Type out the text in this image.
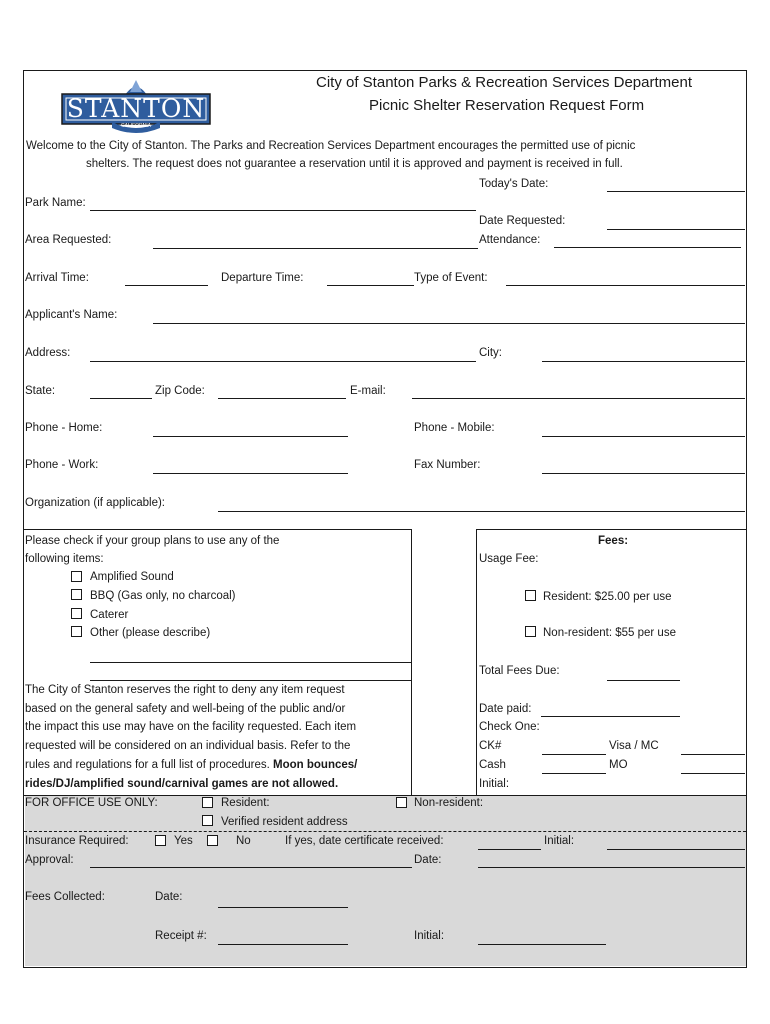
STANTON
CALIFORNIA
City of Stanton Parks & Recreation Services Department
Picnic Shelter Reservation Request Form
Welcome to the City of Stanton. The Parks and Recreation Services Department encourages the permitted use of picnic
shelters. The request does not guarantee a reservation until it is approved and payment is received in full.
Today's Date:
Park Name:
Date Requested:
Area Requested:	Attendance:
Arrival Time:	Departure Time:	Type of Event:
Applicant's Name:
Address:	City:
State:	Zip Code:	E-mail:
Phone - Home:	Phone - Mobile:
Phone - Work:	Fax Number:
Organization (if applicable):
Please check if your group plans to use any of the
following items:
Amplified Sound
BBQ (Gas only, no charcoal)
Caterer
Other (please describe)
The City of Stanton reserves the right to deny any item request
based on the general safety and well-being of the public and/or
the impact this use may have on the facility requested. Each item
requested will be considered on an individual basis. Refer to the
rules and regulations for a full list of procedures. Moon bounces/
rides/DJ/amplified sound/carnival games are not allowed.
Fees:
Usage Fee:
Resident: $25.00 per use
Non-resident: $55 per use
Total Fees Due:
Date paid:
Check One:
CK#	Visa / MC
Cash	MO
Initial:
FOR OFFICE USE ONLY:	Resident:	Non-resident:
Verified resident address
Insurance Required:	Yes	No	If yes, date certificate received:	Initial:
Approval:	Date:
Fees Collected:	Date:
Receipt #:	Initial:
